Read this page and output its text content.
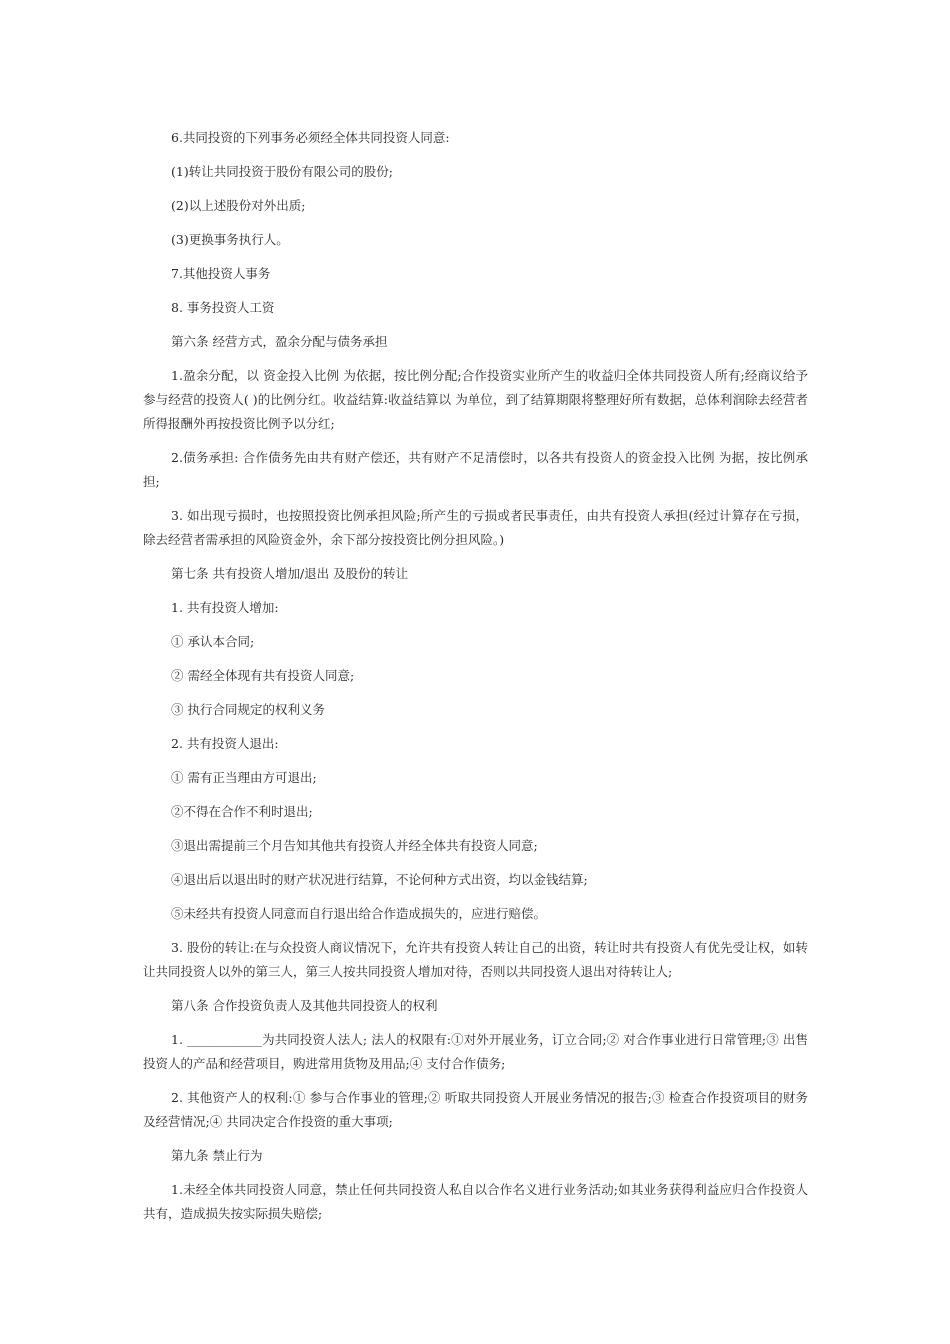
6.共同投资的下列事务必须经全体共同投资人同意:

(1)转让共同投资于股份有限公司的股份;

(2)以上述股份对外出质;

(3)更换事务执行人。

7.其他投资人事务

8. 事务投资人工资

第六条 经营方式，盈余分配与债务承担

1.盈余分配，以 资金投入比例 为依据，按比例分配;合作投资实业所产生的收益归全体共同投资人所有;经商议给予参与经营的投资人( )的比例分红。收益结算:收益结算以 为单位，到了结算期限将整理好所有数据，总体利润除去经营者所得报酬外再按投资比例予以分红;

2.债务承担: 合作债务先由共有财产偿还，共有财产不足清偿时，以各共有投资人的资金投入比例 为据，按比例承担;

3. 如出现亏损时，也按照投资比例承担风险;所产生的亏损或者民事责任，由共有投资人承担(经过计算存在亏损，除去经营者需承担的风险资金外，余下部分按投资比例分担风险。)

第七条 共有投资人增加/退出 及股份的转让

1. 共有投资人增加:

① 承认本合同;

② 需经全体现有共有投资人同意;

③ 执行合同规定的权利义务

2. 共有投资人退出:

① 需有正当理由方可退出;

②不得在合作不利时退出;

③退出需提前三个月告知其他共有投资人并经全体共有投资人同意;

④退出后以退出时的财产状况进行结算，不论何种方式出资，均以金钱结算;

⑤未经共有投资人同意而自行退出给合作造成损失的，应进行赔偿。

3. 股份的转让:在与众投资人商议情况下，允许共有投资人转让自己的出资，转让时共有投资人有优先受让权，如转让共同投资人以外的第三人，第三人按共同投资人增加对待，否则以共同投资人退出对待转让人;

第八条 合作投资负责人及其他共同投资人的权利

1. ____________为共同投资人法人; 法人的权限有:①对外开展业务，订立合同;② 对合作事业进行日常管理;③ 出售投资人的产品和经营项目，购进常用货物及用品;④ 支付合作债务;

2. 其他资产人的权利:① 参与合作事业的管理;② 听取共同投资人开展业务情况的报告;③ 检查合作投资项目的财务及经营情况;④ 共同决定合作投资的重大事项;

第九条 禁止行为

1.未经全体共同投资人同意，禁止任何共同投资人私自以合作名义进行业务活动;如其业务获得利益应归合作投资人共有，造成损失按实际损失赔偿;
